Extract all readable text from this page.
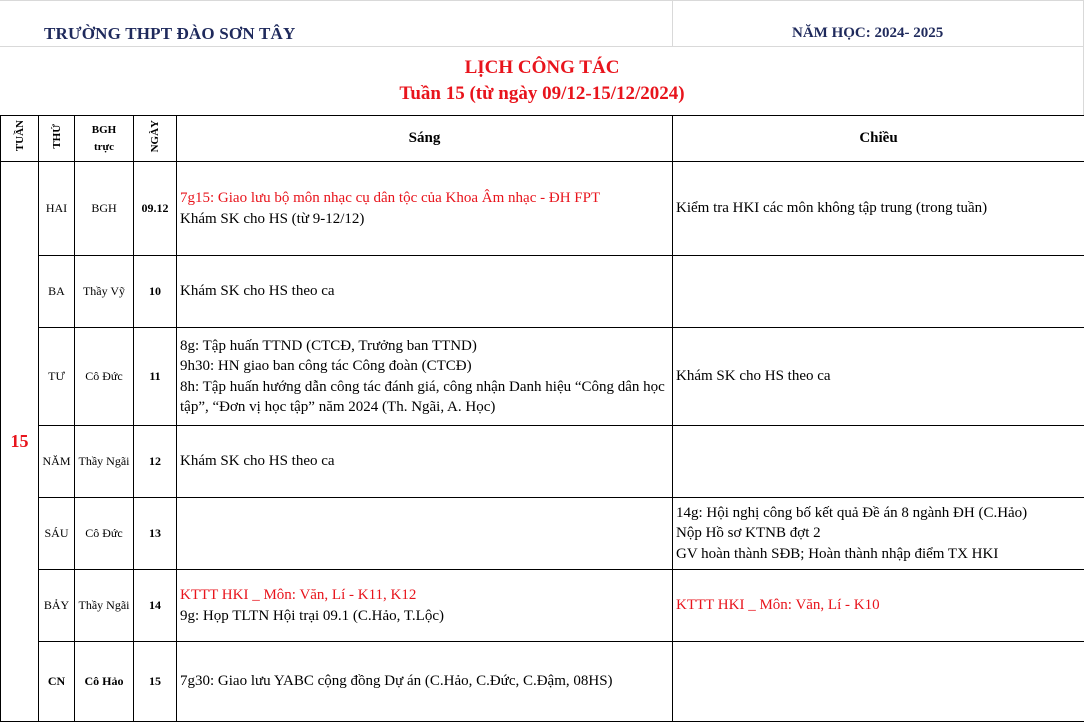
TRƯỜNG THPT ĐÀO SƠN TÂY	NĂM HỌC: 2024- 2025
LỊCH CÔNG TÁC
Tuần 15 (từ ngày 09/12-15/12/2024)
TUẦN	THỨ	BGH trực	NGÀY	Sáng	Chiều
15	HAI	BGH	09.12	7g15: Giao lưu bộ môn nhạc cụ dân tộc của Khoa Âm nhạc - ĐH FPT
Khám SK cho HS (từ 9-12/12)	Kiểm tra HKI các môn không tập trung (trong tuần)

	BA	Thầy Vỹ	10	Khám SK cho HS theo ca	

	TƯ	Cô Đức	11	8g: Tập huấn TTND (CTCĐ, Trưởng ban TTND)
9h30: HN giao ban công tác Công đoàn (CTCĐ)
8h: Tập huấn hướng dẫn công tác đánh giá, công nhận Danh hiệu “Công dân học tập”, “Đơn vị học tập” năm 2024 (Th. Ngãi, A. Học)	Khám SK cho HS theo ca

	NĂM	Thầy Ngãi	12	Khám SK cho HS theo ca	

	SÁU	Cô Đức	13		14g: Hội nghị công bố kết quả Đề án 8 ngành ĐH (C.Hảo)
Nộp Hồ sơ KTNB đợt 2
GV hoàn thành SĐB; Hoàn thành nhập điểm TX HKI

	BẢY	Thầy Ngãi	14	KTTT HKI _ Môn: Văn, Lí - K11, K12
9g: Họp TLTN Hội trại 09.1 (C.Hảo, T.Lộc)	KTTT HKI _ Môn: Văn, Lí - K10

	CN	Cô Hảo	15	7g30: Giao lưu YABC cộng đồng Dự án (C.Hảo, C.Đức, C.Đậm, 08HS)	
